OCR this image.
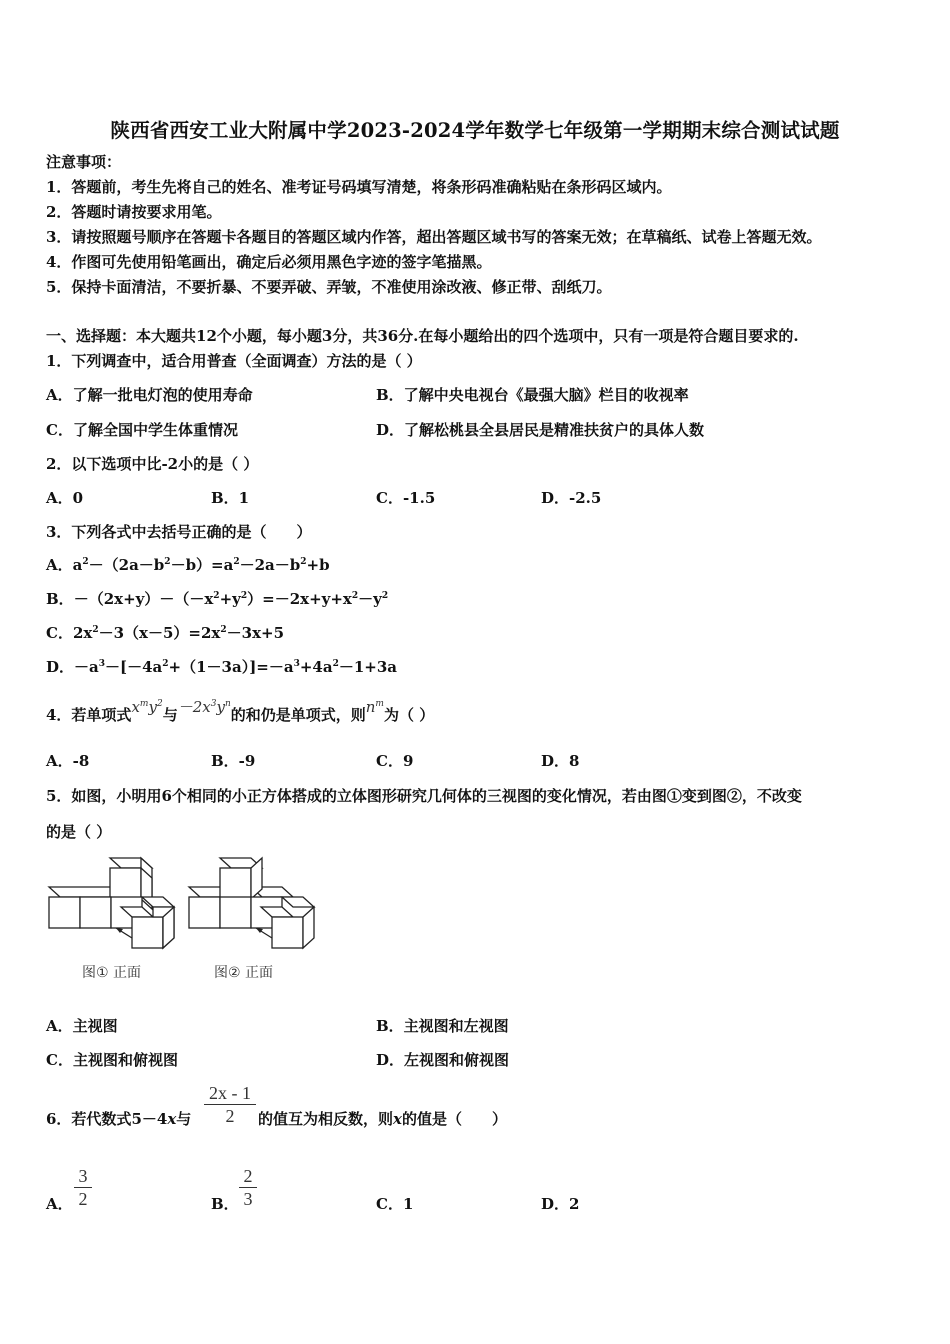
陕西省西安工业大附属中学2023-2024学年数学七年级第一学期期末综合测试试题
注意事项：
1．答题前，考生先将自己的姓名、准考证号码填写清楚，将条形码准确粘贴在条形码区域内。
2．答题时请按要求用笔。
3．请按照题号顺序在答题卡各题目的答题区域内作答，超出答题区域书写的答案无效；在草稿纸、试卷上答题无效。
4．作图可先使用铅笔画出，确定后必须用黑色字迹的签字笔描黑。
5．保持卡面清洁，不要折暴、不要弄破、弄皱，不准使用涂改液、修正带、刮纸刀。
一、选择题：本大题共12个小题，每小题3分，共36分.在每小题给出的四个选项中，只有一项是符合题目要求的.
1．下列调查中，适合用普查（全面调查）方法的是（ ）
A．了解一批电灯泡的使用寿命	B．了解中央电视台《最强大脑》栏目的收视率
C．了解全国中学生体重情况	D．了解松桃县全县居民是精准扶贫户的具体人数
2．以下选项中比-2小的是（ ）
A．0	B．1	C．-1.5	D．-2.5
3．下列各式中去括号正确的是（　　）
A．$a^2-(2a-b^2-b)=a^2-2a-b^2+b$
B．$-(2x+y)-(-x^2+y^2)=-2x+y+x^2-y^2$
C．$2x^2-3(x-5)=2x^2-3x+5$
D．$-a^3-[-4a^2+(1-3a)]=-a^3+4a^2-1+3a$
4．若单项式$x^my^2$与$-2x^3y^n$的和仍是单项式，则$n^m$为（ ）
A．-8	B．-9	C．9	D．8
5．如图，小明用6个相同的小正方体搭成的立体图形研究几何体的三视图的变化情况，若由图①变到图②，不改变
的是（ ）
图① 正面	图② 正面
A．主视图	B．主视图和左视图
C．主视图和俯视图	D．左视图和俯视图
6．若代数式5－4x与
2x - 1
2	的值互为相反数，则x的值是（　　）
A．
3
2	B．
2
3	C．1	D．2
